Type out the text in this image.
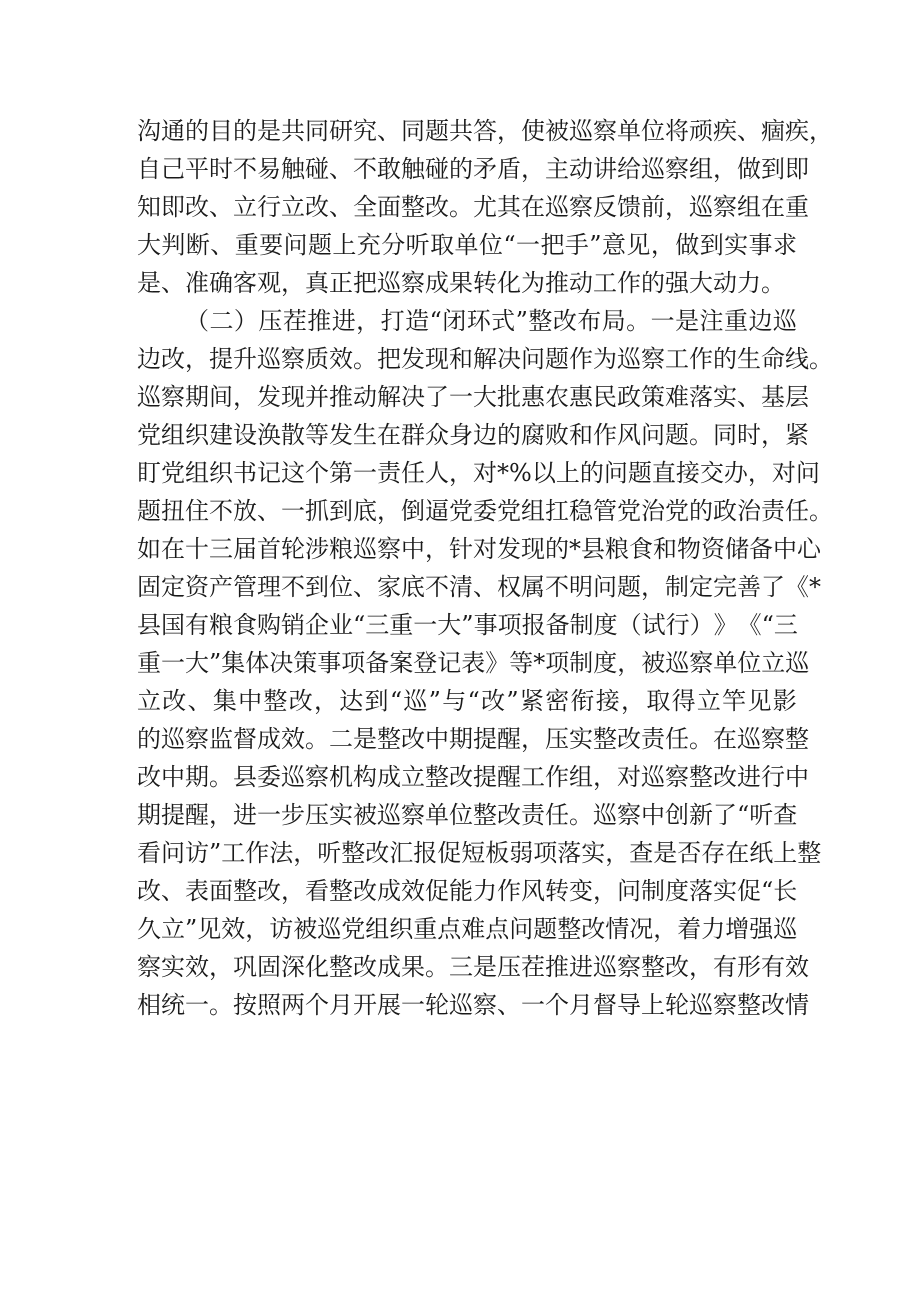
沟 通 的 目 的 是 共 同 研 究 、 同 题 共 答 ， 使 被 巡 察 单 位 将 顽 疾 、 痼 疾 ，
自 己 平 时 不 易 触 碰 、 不 敢 触 碰 的 矛 盾 ， 主 动 讲 给 巡 察 组 ， 做 到 即
知 即 改 、 立 行 立 改 、 全 面 整 改 。 尤 其 在 巡 察 反 馈 前 ， 巡 察 组 在 重
大 判 断 、 重 要 问 题 上 充 分 听 取 单 位 “ 一 把 手 ” 意 见 ， 做 到 实 事 求
是、准确客观，真正把巡察成果转化为推动工作的强大动力。
（ 二 ） 压 茬 推 进 ， 打 造 “ 闭 环 式 ” 整 改 布 局 。 一 是 注 重 边 巡
边 改 ， 提 升 巡 察 质 效 。 把 发 现 和 解 决 问 题 作 为 巡 察 工 作 的 生 命 线 。
巡 察 期 间 ， 发 现 并 推 动 解 决 了 一 大 批 惠 农 惠 民 政 策 难 落 实 、 基 层
党 组 织 建 设 涣 散 等 发 生 在 群 众 身 边 的 腐 败 和 作 风 问 题 。 同 时 ， 紧
盯 党 组 织 书 记 这 个 第 一 责 任 人 ， 对 * % 以 上 的 问 题 直 接 交 办 ， 对 问
题 扭 住 不 放 、 一 抓 到 底 ， 倒 逼 党 委 党 组 扛 稳 管 党 治 党 的 政 治 责 任 。
如 在 十 三 届 首 轮 涉 粮 巡 察 中 ， 针 对 发 现 的 * 县 粮 食 和 物 资 储 备 中 心
固 定 资 产 管 理 不 到 位 、 家 底 不 清 、 权 属 不 明 问 题 ， 制 定 完 善 了 《 *
县 国 有 粮 食 购 销 企 业 “ 三 重 一 大 ” 事 项 报 备 制 度 （ 试 行 ） 》 《 “ 三
重 一 大 ” 集 体 决 策 事 项 备 案 登 记 表 》 等 * 项 制 度 ， 被 巡 察 单 位 立 巡
立 改 、 集 中 整 改 ， 达 到 “ 巡 ” 与 “ 改 ” 紧 密 衔 接 ， 取 得 立 竿 见 影
的 巡 察 监 督 成 效 。 二 是 整 改 中 期 提 醒 ， 压 实 整 改 责 任 。 在 巡 察 整
改 中 期 。 县 委 巡 察 机 构 成 立 整 改 提 醒 工 作 组 ， 对 巡 察 整 改 进 行 中
期 提 醒 ， 进 一 步 压 实 被 巡 察 单 位 整 改 责 任 。 巡 察 中 创 新 了 “ 听 查
看 问 访 ” 工 作 法 ， 听 整 改 汇 报 促 短 板 弱 项 落 实 ， 查 是 否 存 在 纸 上 整
改 、 表 面 整 改 ， 看 整 改 成 效 促 能 力 作 风 转 变 ， 问 制 度 落 实 促 “ 长
久 立 ” 见 效 ， 访 被 巡 党 组 织 重 点 难 点 问 题 整 改 情 况 ， 着 力 增 强 巡
察 实 效 ， 巩 固 深 化 整 改 成 果 。 三 是 压 茬 推 进 巡 察 整 改 ， 有 形 有 效
相 统 一 。 按 照 两 个 月 开 展 一 轮 巡 察 、 一 个 月 督 导 上 轮 巡 察 整 改 情
